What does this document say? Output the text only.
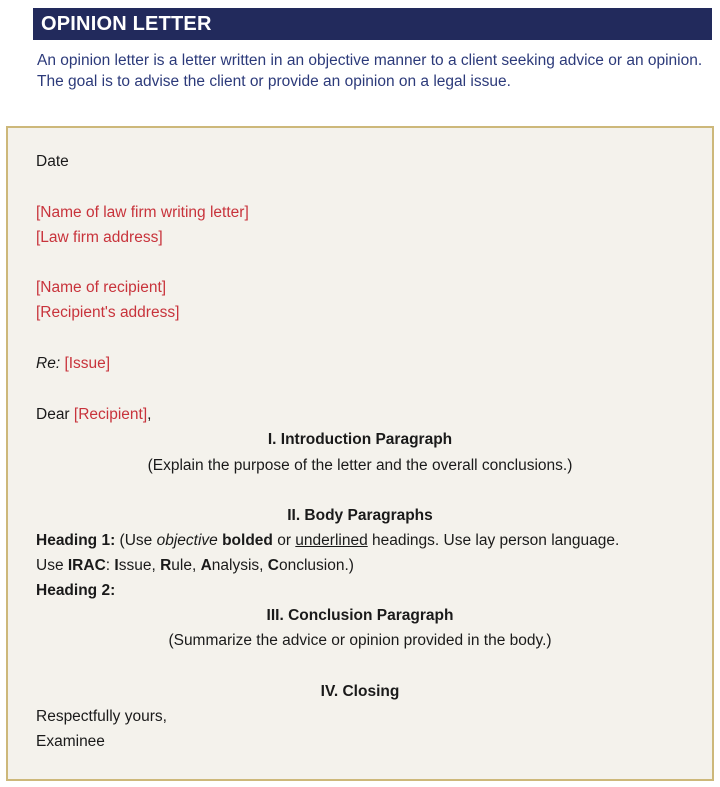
OPINION LETTER
An opinion letter is a letter written in an objective manner to a client seeking advice or an opinion. The goal is to advise the client or provide an opinion on a legal issue.
Date
[Name of law firm writing letter]
[Law firm address]
[Name of recipient]
[Recipient's address]
Re: [Issue]
Dear [Recipient],
I. Introduction Paragraph
(Explain the purpose of the letter and the overall conclusions.)
II. Body Paragraphs
Heading 1: (Use objective bolded or underlined headings. Use lay person language.
Use IRAC: Issue, Rule, Analysis, Conclusion.)
Heading 2:
III. Conclusion Paragraph
(Summarize the advice or opinion provided in the body.)
IV. Closing
Respectfully yours,
Examinee
